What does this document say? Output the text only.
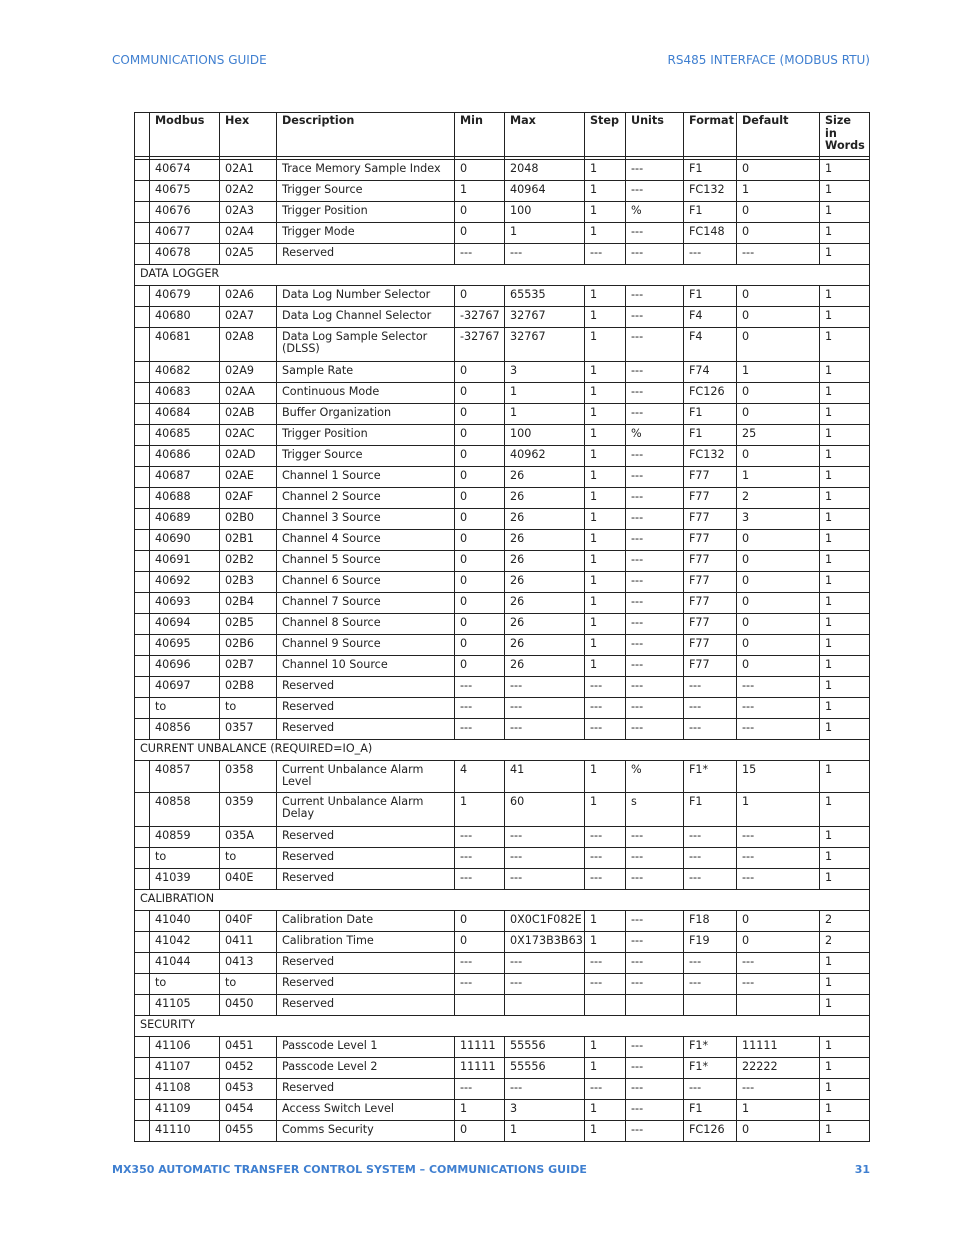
COMMUNICATIONS GUIDE	RS485 INTERFACE (MODBUS RTU)
	Modbus	Hex	Description	Min	Max	Step	Units	Format	Default	Size in Words

	40674	02A1	Trace Memory Sample Index	0	2048	1	---	F1	0	1
	40675	02A2	Trigger Source	1	40964	1	---	FC132	1	1
	40676	02A3	Trigger Position	0	100	1	%	F1	0	1
	40677	02A4	Trigger Mode	0	1	1	---	FC148	0	1
	40678	02A5	Reserved	---	---	---	---	---	---	1
DATA LOGGER										
	40679	02A6	Data Log Number Selector	0	65535	1	---	F1	0	1
	40680	02A7	Data Log Channel Selector	-32767	32767	1	---	F4	0	1
	40681	02A8	Data Log Sample Selector (DLSS)	-32767	32767	1	---	F4	0	1
	40682	02A9	Sample Rate	0	3	1	---	F74	1	1
	40683	02AA	Continuous Mode	0	1	1	---	FC126	0	1
	40684	02AB	Buffer Organization	0	1	1	---	F1	0	1
	40685	02AC	Trigger Position	0	100	1	%	F1	25	1
	40686	02AD	Trigger Source	0	40962	1	---	FC132	0	1
	40687	02AE	Channel 1 Source	0	26	1	---	F77	1	1
	40688	02AF	Channel 2 Source	0	26	1	---	F77	2	1
	40689	02B0	Channel 3 Source	0	26	1	---	F77	3	1
	40690	02B1	Channel 4 Source	0	26	1	---	F77	0	1
	40691	02B2	Channel 5 Source	0	26	1	---	F77	0	1
	40692	02B3	Channel 6 Source	0	26	1	---	F77	0	1
	40693	02B4	Channel 7 Source	0	26	1	---	F77	0	1
	40694	02B5	Channel 8 Source	0	26	1	---	F77	0	1
	40695	02B6	Channel 9 Source	0	26	1	---	F77	0	1
	40696	02B7	Channel 10 Source	0	26	1	---	F77	0	1
	40697	02B8	Reserved	---	---	---	---	---	---	1
	to	to	Reserved	---	---	---	---	---	---	1
	40856	0357	Reserved	---	---	---	---	---	---	1
CURRENT UNBALANCE (REQUIRED=IO_A)										
	40857	0358	Current Unbalance Alarm Level	4	41	1	%	F1*	15	1
	40858	0359	Current Unbalance Alarm Delay	1	60	1	s	F1	1	1
	40859	035A	Reserved	---	---	---	---	---	---	1
	to	to	Reserved	---	---	---	---	---	---	1
	41039	040E	Reserved	---	---	---	---	---	---	1
CALIBRATION										
	41040	040F	Calibration Date	0	0X0C1F082E	1	---	F18	0	2
	41042	0411	Calibration Time	0	0X173B3B63	1	---	F19	0	2
	41044	0413	Reserved	---	---	---	---	---	---	1
	to	to	Reserved	---	---	---	---	---	---	1
	41105	0450	Reserved							1
SECURITY										
	41106	0451	Passcode Level 1	11111	55556	1	---	F1*	11111	1
	41107	0452	Passcode Level 2	11111	55556	1	---	F1*	22222	1
	41108	0453	Reserved	---	---	---	---	---	---	1
	41109	0454	Access Switch Level	1	3	1	---	F1	1	1
	41110	0455	Comms Security	0	1	1	---	FC126	0	1
MX350 AUTOMATIC TRANSFER CONTROL SYSTEM – COMMUNICATIONS GUIDE	31
